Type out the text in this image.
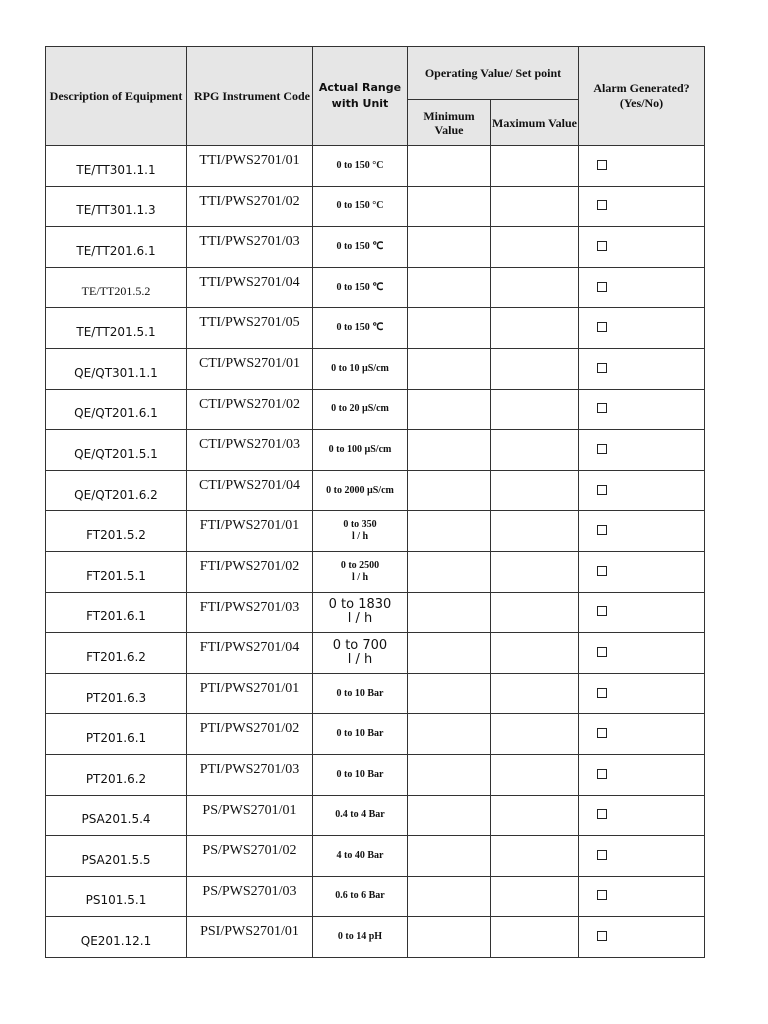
Description of Equipment	RPG Instrument Code	Actual Range with Unit	Operating Value/ Set point		Alarm Generated? (Yes/No)
			Minimum Value	Maximum Value	
TE/TT301.1.1	TTI/PWS2701/01	0 to 150 °C			

TE/TT301.1.3	TTI/PWS2701/02	0 to 150 °C			

TE/TT201.6.1	TTI/PWS2701/03	0 to 150 ℃			

TE/TT201.5.2	TTI/PWS2701/04	0 to 150 ℃			

TE/TT201.5.1	TTI/PWS2701/05	0 to 150 ℃			

QE/QT301.1.1	CTI/PWS2701/01	0 to 10 µS/cm			

QE/QT201.6.1	CTI/PWS2701/02	0 to 20 µS/cm			

QE/QT201.5.1	CTI/PWS2701/03	0 to 100 µS/cm			

QE/QT201.6.2	CTI/PWS2701/04	0 to 2000 µS/cm			

FT201.5.2	FTI/PWS2701/01	0 to 350
l / h			

FT201.5.1	FTI/PWS2701/02	0 to 2500
l / h			

FT201.6.1	FTI/PWS2701/03	0 to 1830
l / h			

FT201.6.2	FTI/PWS2701/04	0 to 700
l / h			

PT201.6.3	PTI/PWS2701/01	0 to 10 Bar			

PT201.6.1	PTI/PWS2701/02	0 to 10 Bar			

PT201.6.2	PTI/PWS2701/03	0 to 10 Bar			

PSA201.5.4	PS/PWS2701/01	0.4 to 4 Bar			

PSA201.5.5	PS/PWS2701/02	4 to 40 Bar			

PS101.5.1	PS/PWS2701/03	0.6 to 6 Bar			

QE201.12.1	PSI/PWS2701/01	0 to 14 pH			
